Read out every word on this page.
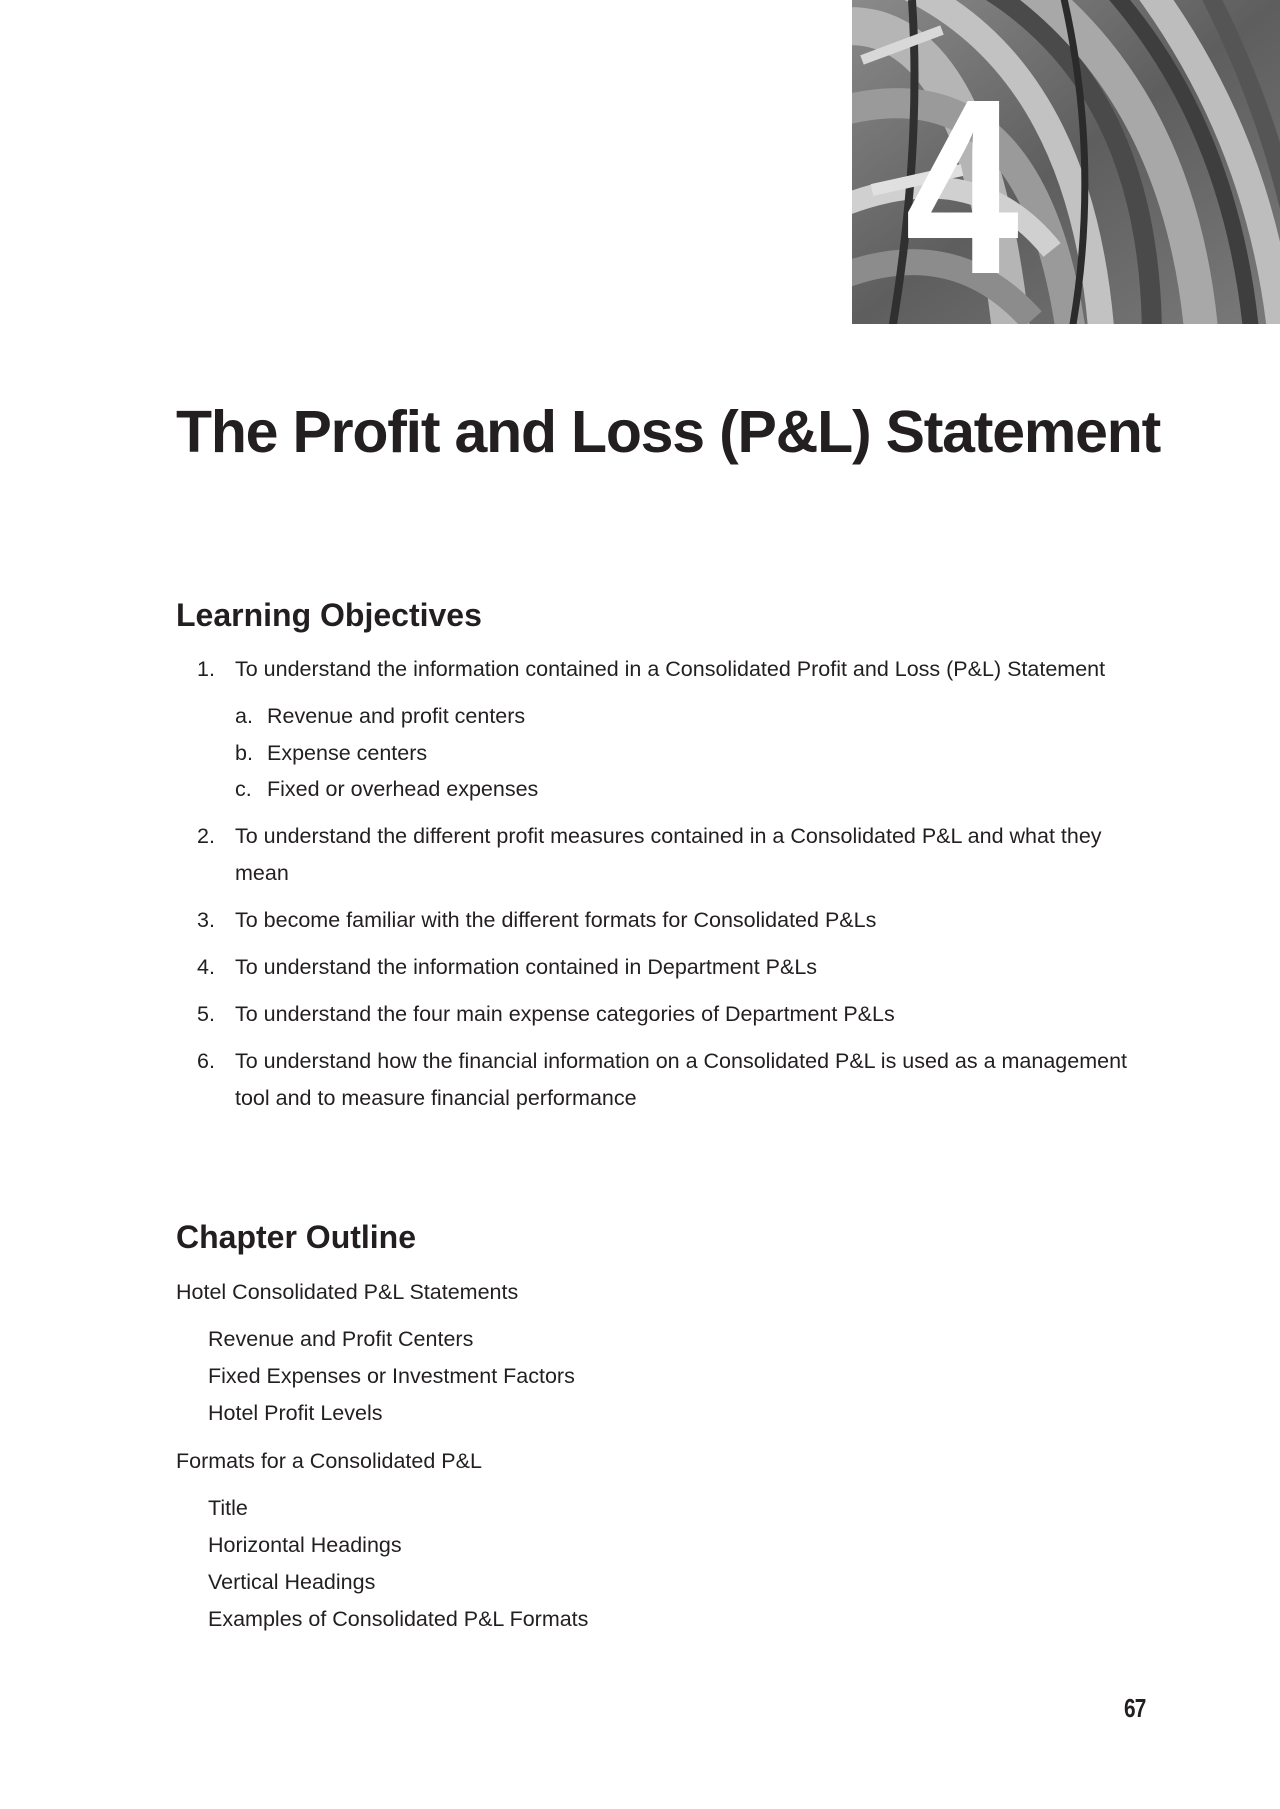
4
The Profit and Loss (P&L) Statement
Learning Objectives
1. To understand the information contained in a Consolidated Profit and Loss (P&L) Statement
a. Revenue and profit centers
b. Expense centers
c. Fixed or overhead expenses
2. To understand the different profit measures contained in a Consolidated P&L and what they mean
3. To become familiar with the different formats for Consolidated P&Ls
4. To understand the information contained in Department P&Ls
5. To understand the four main expense categories of Department P&Ls
6. To understand how the financial information on a Consolidated P&L is used as a management tool and to measure financial performance
Chapter Outline
Hotel Consolidated P&L Statements
Revenue and Profit Centers
Fixed Expenses or Investment Factors
Hotel Profit Levels
Formats for a Consolidated P&L
Title
Horizontal Headings
Vertical Headings
Examples of Consolidated P&L Formats
67
